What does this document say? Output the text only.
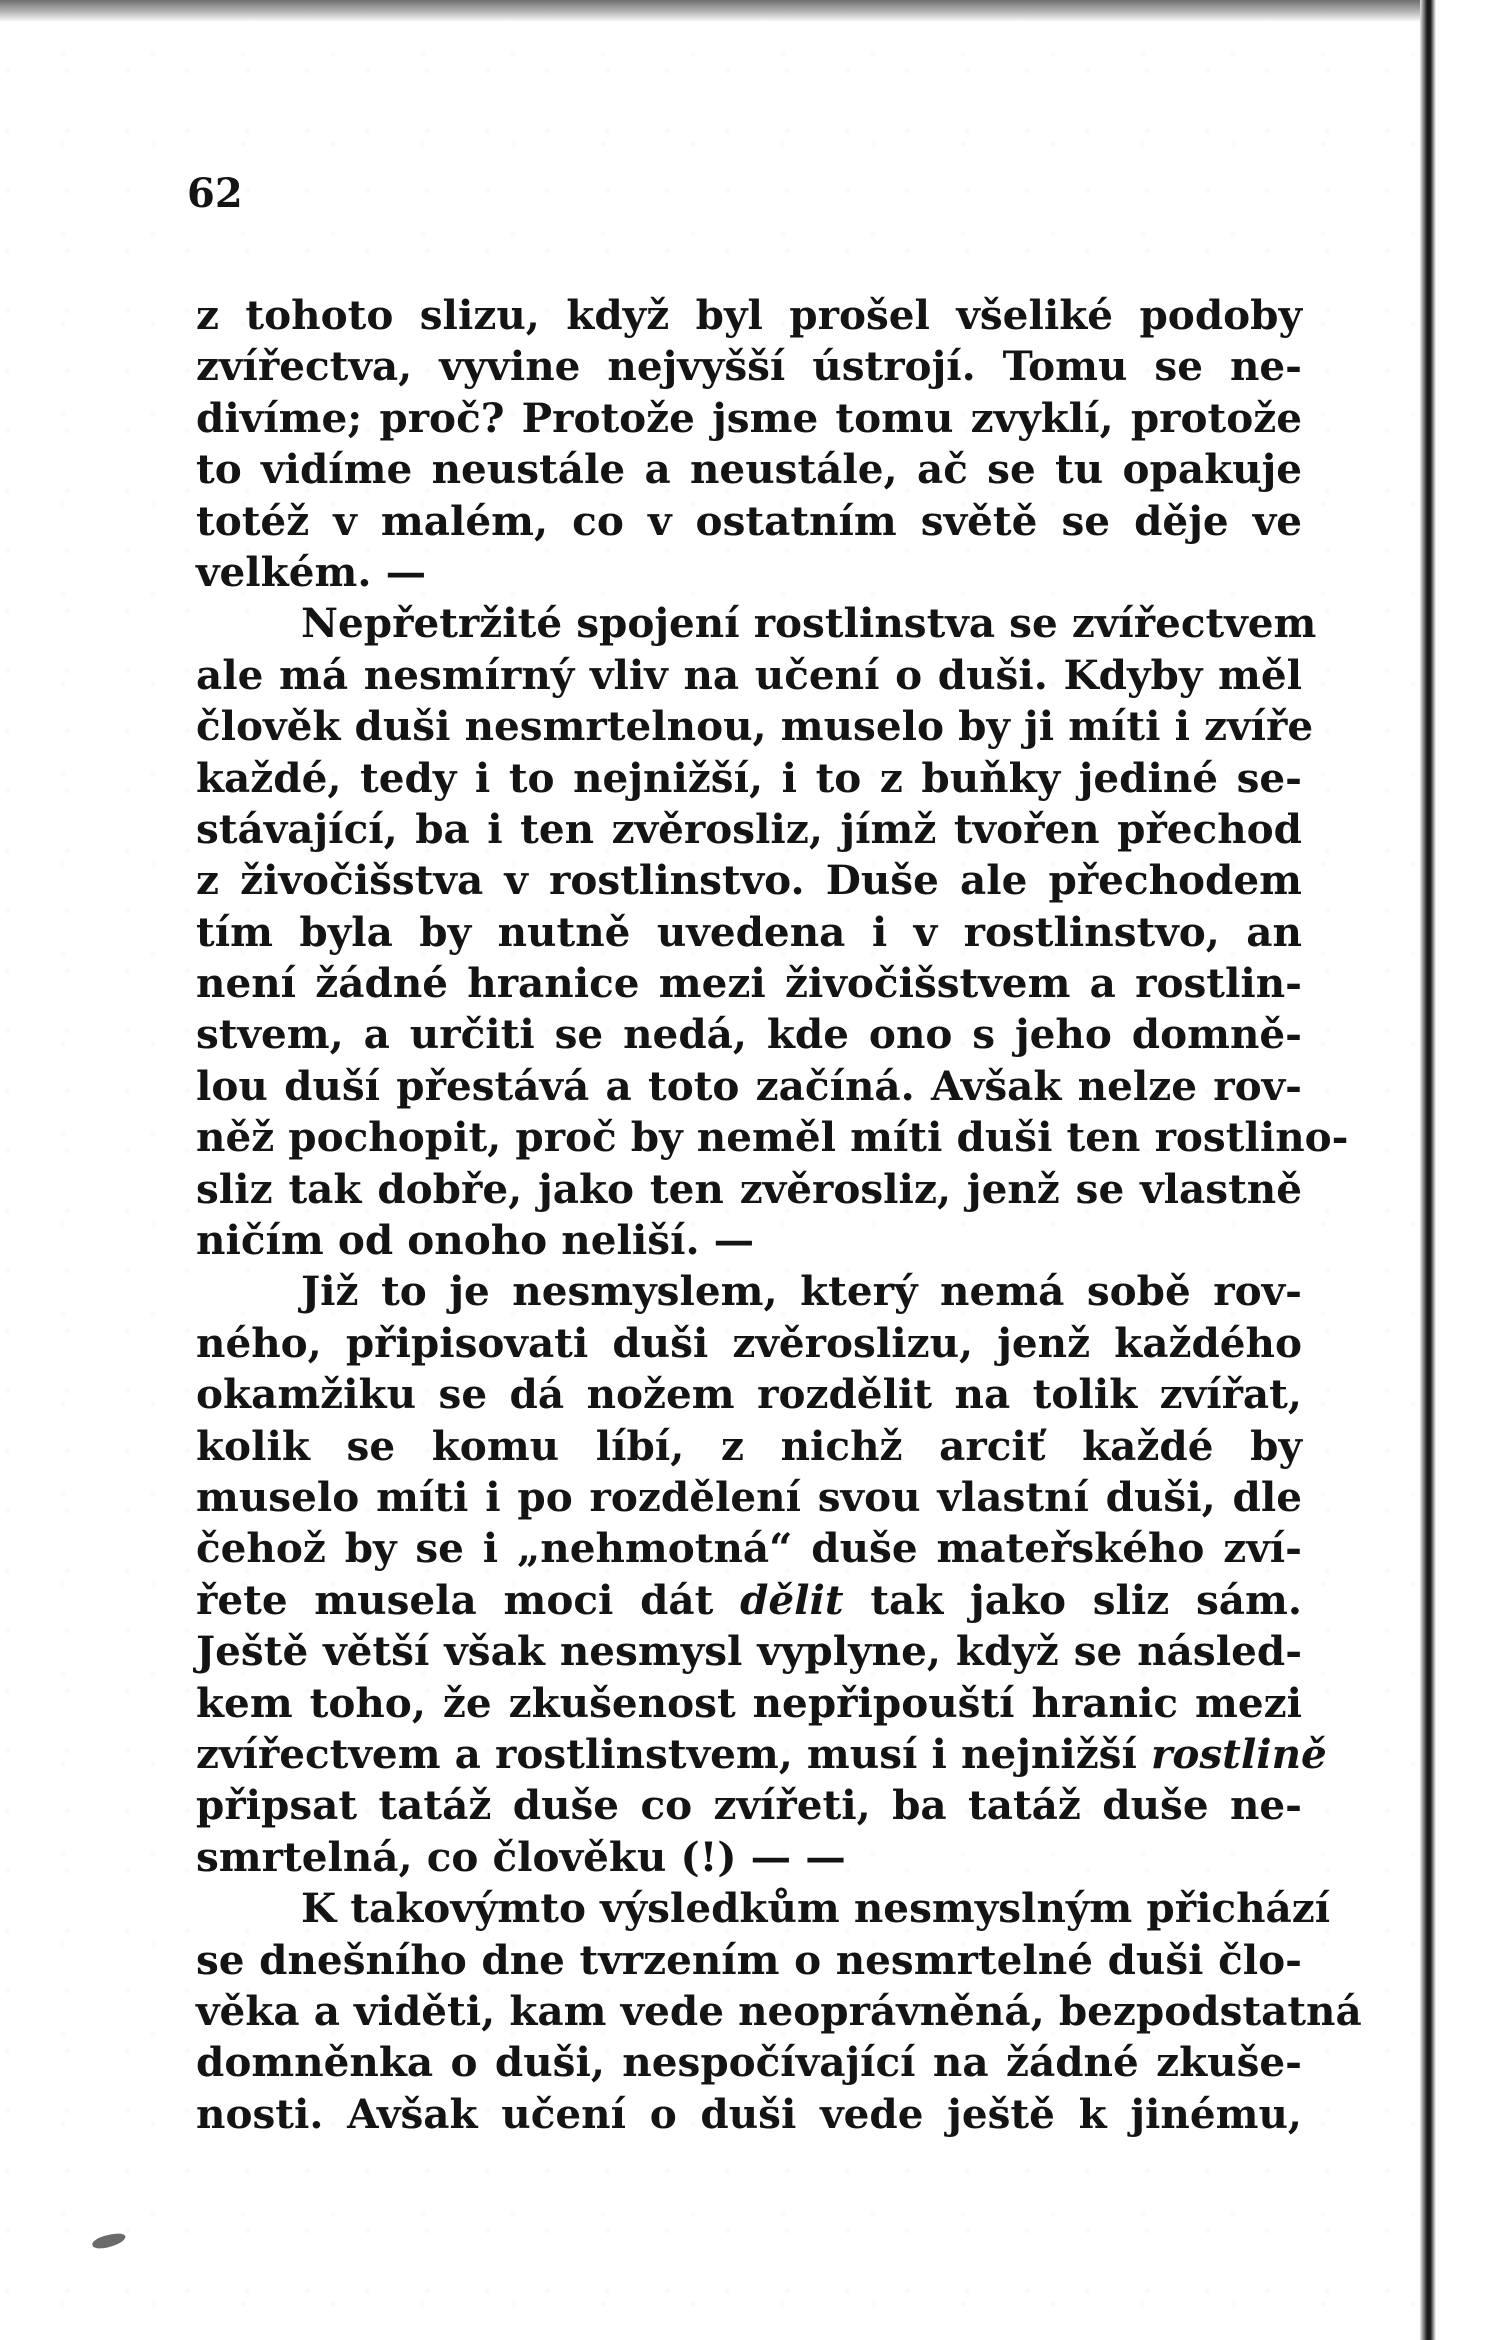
62
z tohoto slizu, když byl prošel všeliké podoby
zvířectva, vyvine nejvyšší ústrojí. Tomu se ne-
divíme; proč? Protože jsme tomu zvyklí, protože
to vidíme neustále a neustále, ač se tu opakuje
totéž v malém, co v ostatním světě se děje ve
velkém. —
Nepřetržité spojení rostlinstva se zvířectvem
ale má nesmírný vliv na učení o duši. Kdyby měl
člověk duši nesmrtelnou, muselo by ji míti i zvíře
každé, tedy i to nejnižší, i to z buňky jediné se-
stávající, ba i ten zvěrosliz, jímž tvořen přechod
z živočišstva v rostlinstvo. Duše ale přechodem
tím byla by nutně uvedena i v rostlinstvo, an
není žádné hranice mezi živočišstvem a rostlin-
stvem, a určiti se nedá, kde ono s jeho domně-
lou duší přestává a toto začíná. Avšak nelze rov-
něž pochopit, proč by neměl míti duši ten rostlino-
sliz tak dobře, jako ten zvěrosliz, jenž se vlastně
ničím od onoho neliší. —
Již to je nesmyslem, který nemá sobě rov-
ného, připisovati duši zvěroslizu, jenž každého
okamžiku se dá nožem rozdělit na tolik zvířat,
kolik se komu líbí, z nichž arciť každé by
muselo míti i po rozdělení svou vlastní duši, dle
čehož by se i „nehmotná“ duše mateřského zví-
řete musela moci dát dělit tak jako sliz sám.
Ještě větší však nesmysl vyplyne, když se násled-
kem toho, že zkušenost nepřipouští hranic mezi
zvířectvem a rostlinstvem, musí i nejnižší rostlině
připsat tatáž duše co zvířeti, ba tatáž duše ne-
smrtelná, co člověku (!) — —
K takovýmto výsledkům nesmyslným přichází
se dnešního dne tvrzením o nesmrtelné duši člo-
věka a viděti, kam vede neoprávněná, bezpodstatná
domněnka o duši, nespočívající na žádné zkuše-
nosti. Avšak učení o duši vede ještě k jinému,
